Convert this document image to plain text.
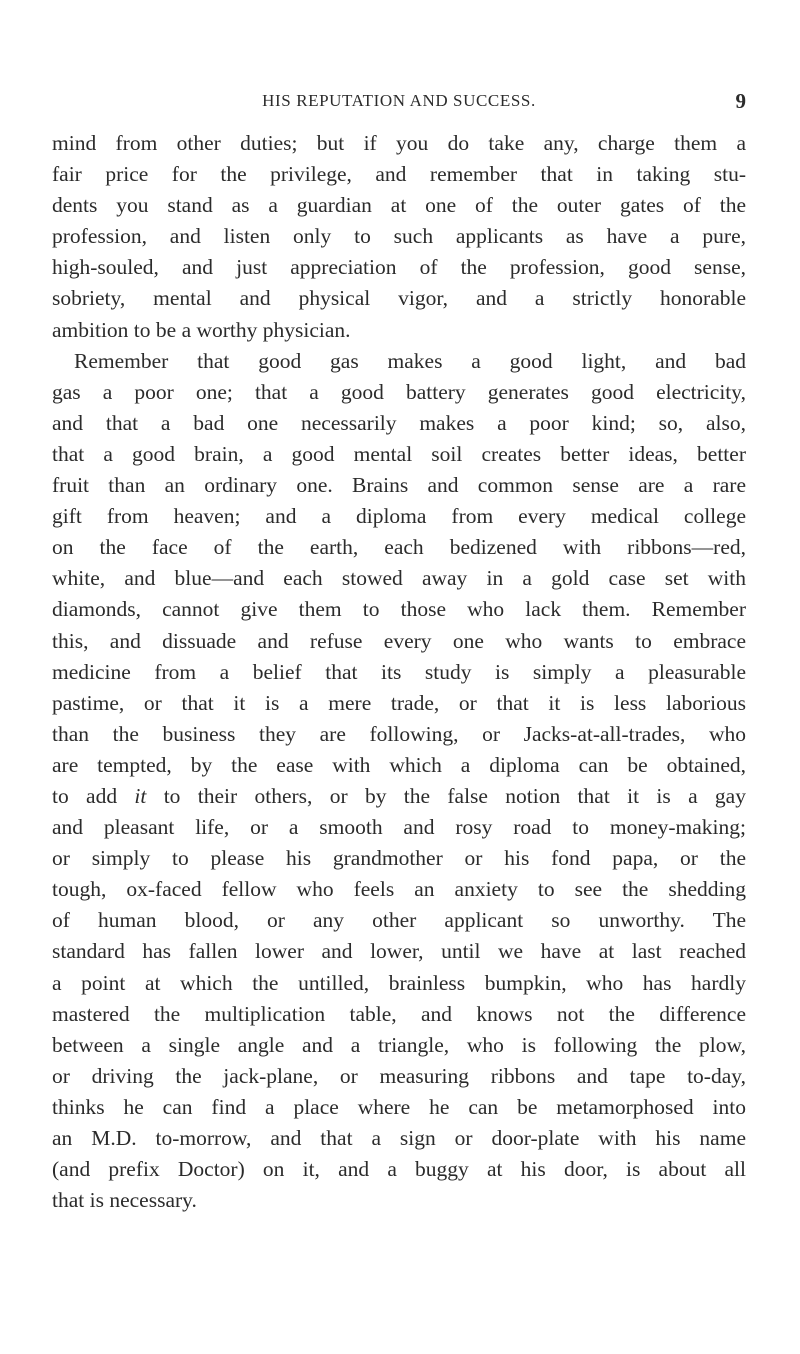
HIS REPUTATION AND SUCCESS.	9
mind from other duties; but if you do take any, charge them a
fair price for the privilege, and remember that in taking stu-
dents you stand as a guardian at one of the outer gates of the
profession, and listen only to such applicants as have a pure,
high-souled, and just appreciation of the profession, good sense,
sobriety, mental and physical vigor, and a strictly honorable
ambition to be a worthy physician.
Remember that good gas makes a good light, and bad
gas a poor one; that a good battery generates good electricity,
and that a bad one necessarily makes a poor kind; so, also,
that a good brain, a good mental soil creates better ideas, better
fruit than an ordinary one. Brains and common sense are a rare
gift from heaven; and a diploma from every medical college
on the face of the earth, each bedizened with ribbons—red,
white, and blue—and each stowed away in a gold case set with
diamonds, cannot give them to those who lack them. Remember
this, and dissuade and refuse every one who wants to embrace
medicine from a belief that its study is simply a pleasurable
pastime, or that it is a mere trade, or that it is less laborious
than the business they are following, or Jacks-at-all-trades, who
are tempted, by the ease with which a diploma can be obtained,
to add it to their others, or by the false notion that it is a gay
and pleasant life, or a smooth and rosy road to money-making;
or simply to please his grandmother or his fond papa, or the
tough, ox-faced fellow who feels an anxiety to see the shedding
of human blood, or any other applicant so unworthy. The
standard has fallen lower and lower, until we have at last reached
a point at which the untilled, brainless bumpkin, who has hardly
mastered the multiplication table, and knows not the difference
between a single angle and a triangle, who is following the plow,
or driving the jack-plane, or measuring ribbons and tape to-day,
thinks he can find a place where he can be metamorphosed into
an M.D. to-morrow, and that a sign or door-plate with his name
(and prefix Doctor) on it, and a buggy at his door, is about all
that is necessary.
